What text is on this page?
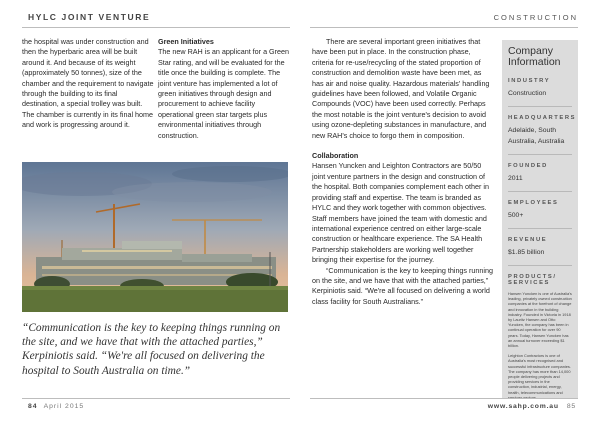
HYLC JOINT VENTURE	CONSTRUCTION

the hospital was under construction and then the hyperbaric area will be built around it. And because of its weight (approximately 50 tonnes), size of the chamber and the requirement to navigate through the building to its final destination, a special trolley was built. The chamber is currently in its final home and work is progressing around it.

Green Initiatives

The new RAH is an applicant for a Green Star rating, and will be evaluated for the title once the building is complete. The joint venture has implemented a lot of green initiatives through design and procurement to achieve facility operational green star targets plus environmental initiatives through construction.

“Communication is the key to keeping things running on the site, and we have that with the attached parties,” Kerpiniotis said. “We're all focused on delivering the hospital to South Australia on time.”

There are several important green initiatives that have been put in place. In the construction phase, criteria for re-use/recycling of the stated proportion of construction and demolition waste have been met, as has air and noise quality. Hazardous materials' handling guidelines have been followed, and Volatile Organic Compounds (VOC) have been used correctly. Perhaps the most notable is the joint venture's decision to avoid using ozone-depleting substances in manufacture, and new RAH's choice to forgo them in composition.

Collaboration

Hansen Yuncken and Leighton Contractors are 50/50 joint venture partners in the design and construction of the hospital. Both companies complement each other in providing staff and expertise. The team is branded as HYLC and they work together with common objectives. Staff members have joined the team with domestic and international experience centred on either large-scale construction or healthcare experience. The SA Health Partnership stakeholders are working well together bringing their expertise for the journey.

“Communication is the key to keeping things running on the site, and we have that with the attached parties,” Kerpiniotis said. “We're all focused on delivering a world class facility for South Australians.”

Company Information
INDUSTRY
Construction
HEADQUARTERS
Adelaide, South Australia, Australia
FOUNDED
2011
EMPLOYEES
500+
REVENUE
$1.85 billion
PRODUCTS/ SERVICES
Hansen Yuncken is one of Australia's leading, privately owned construction companies at the forefront of change and innovation in the building industry. Founded in Victoria in 1918 by Lauritz Hansen and Otto Yuncken, the company has been in continual operation for over 90 years. Today, Hansen Yuncken has an annual turnover exceeding $1 billion.
Leighton Contractors is one of Australia's most recognised and successful infrastructure companies. The company has more than 14,000 people delivering projects and providing services in the construction, industrial, energy, health, telecommunications and
84 April 2015	www.sahp.com.au 85
